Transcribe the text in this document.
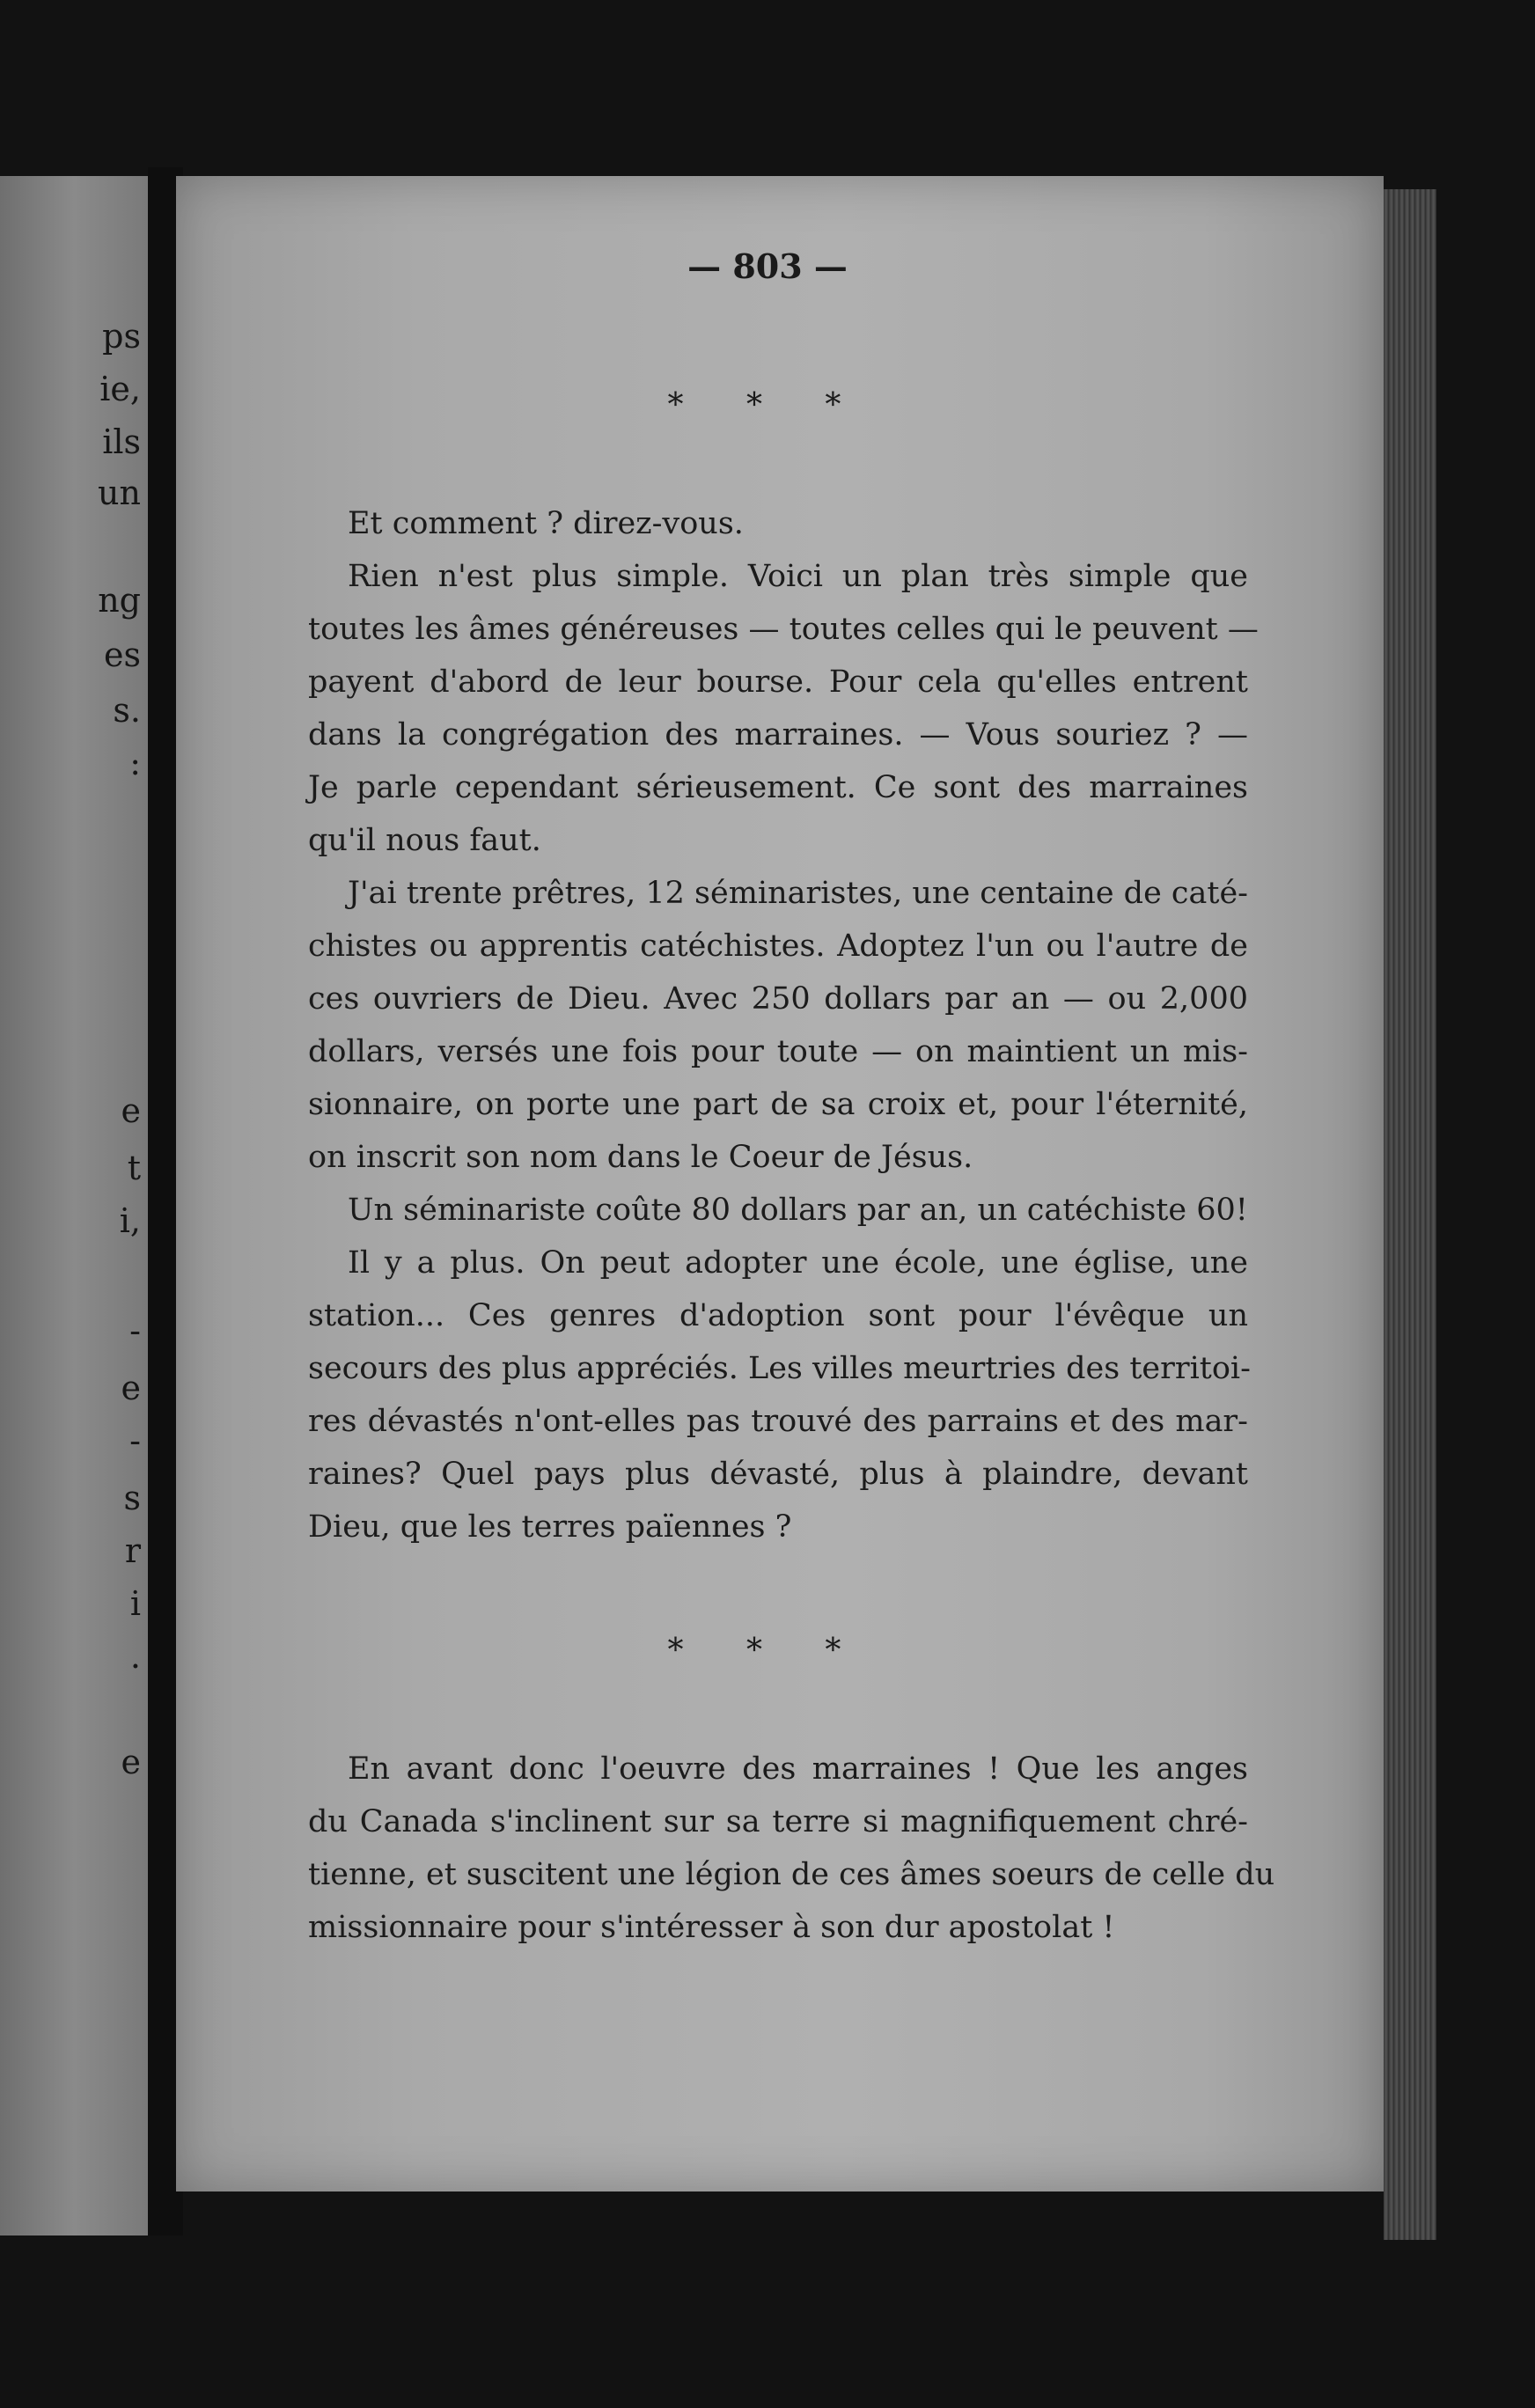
ps
ie,
ils
un
ng
es
s.
:
e
t
i,
-
e
-
s
r
i
.
e
— 803 —
* * *
Et comment ? direz-vous.
Rien n'est plus simple. Voici un plan très simple que
toutes les âmes généreuses — toutes celles qui le peuvent —
payent d'abord de leur bourse. Pour cela qu'elles entrent
dans la congrégation des marraines. — Vous souriez ? —
Je parle cependant sérieusement. Ce sont des marraines
qu'il nous faut.
J'ai trente prêtres, 12 séminaristes, une centaine de caté-
chistes ou apprentis catéchistes. Adoptez l'un ou l'autre de
ces ouvriers de Dieu. Avec 250 dollars par an — ou 2,000
dollars, versés une fois pour toute — on maintient un mis-
sionnaire, on porte une part de sa croix et, pour l'éternité,
on inscrit son nom dans le Coeur de Jésus.
Un séminariste coûte 80 dollars par an, un catéchiste 60!
Il y a plus. On peut adopter une école, une église, une
station... Ces genres d'adoption sont pour l'évêque un
secours des plus appréciés. Les villes meurtries des territoi-
res dévastés n'ont-elles pas trouvé des parrains et des mar-
raines? Quel pays plus dévasté, plus à plaindre, devant
Dieu, que les terres païennes ?
* * *
En avant donc l'oeuvre des marraines ! Que les anges
du Canada s'inclinent sur sa terre si magnifiquement chré-
tienne, et suscitent une légion de ces âmes soeurs de celle du
missionnaire pour s'intéresser à son dur apostolat !
